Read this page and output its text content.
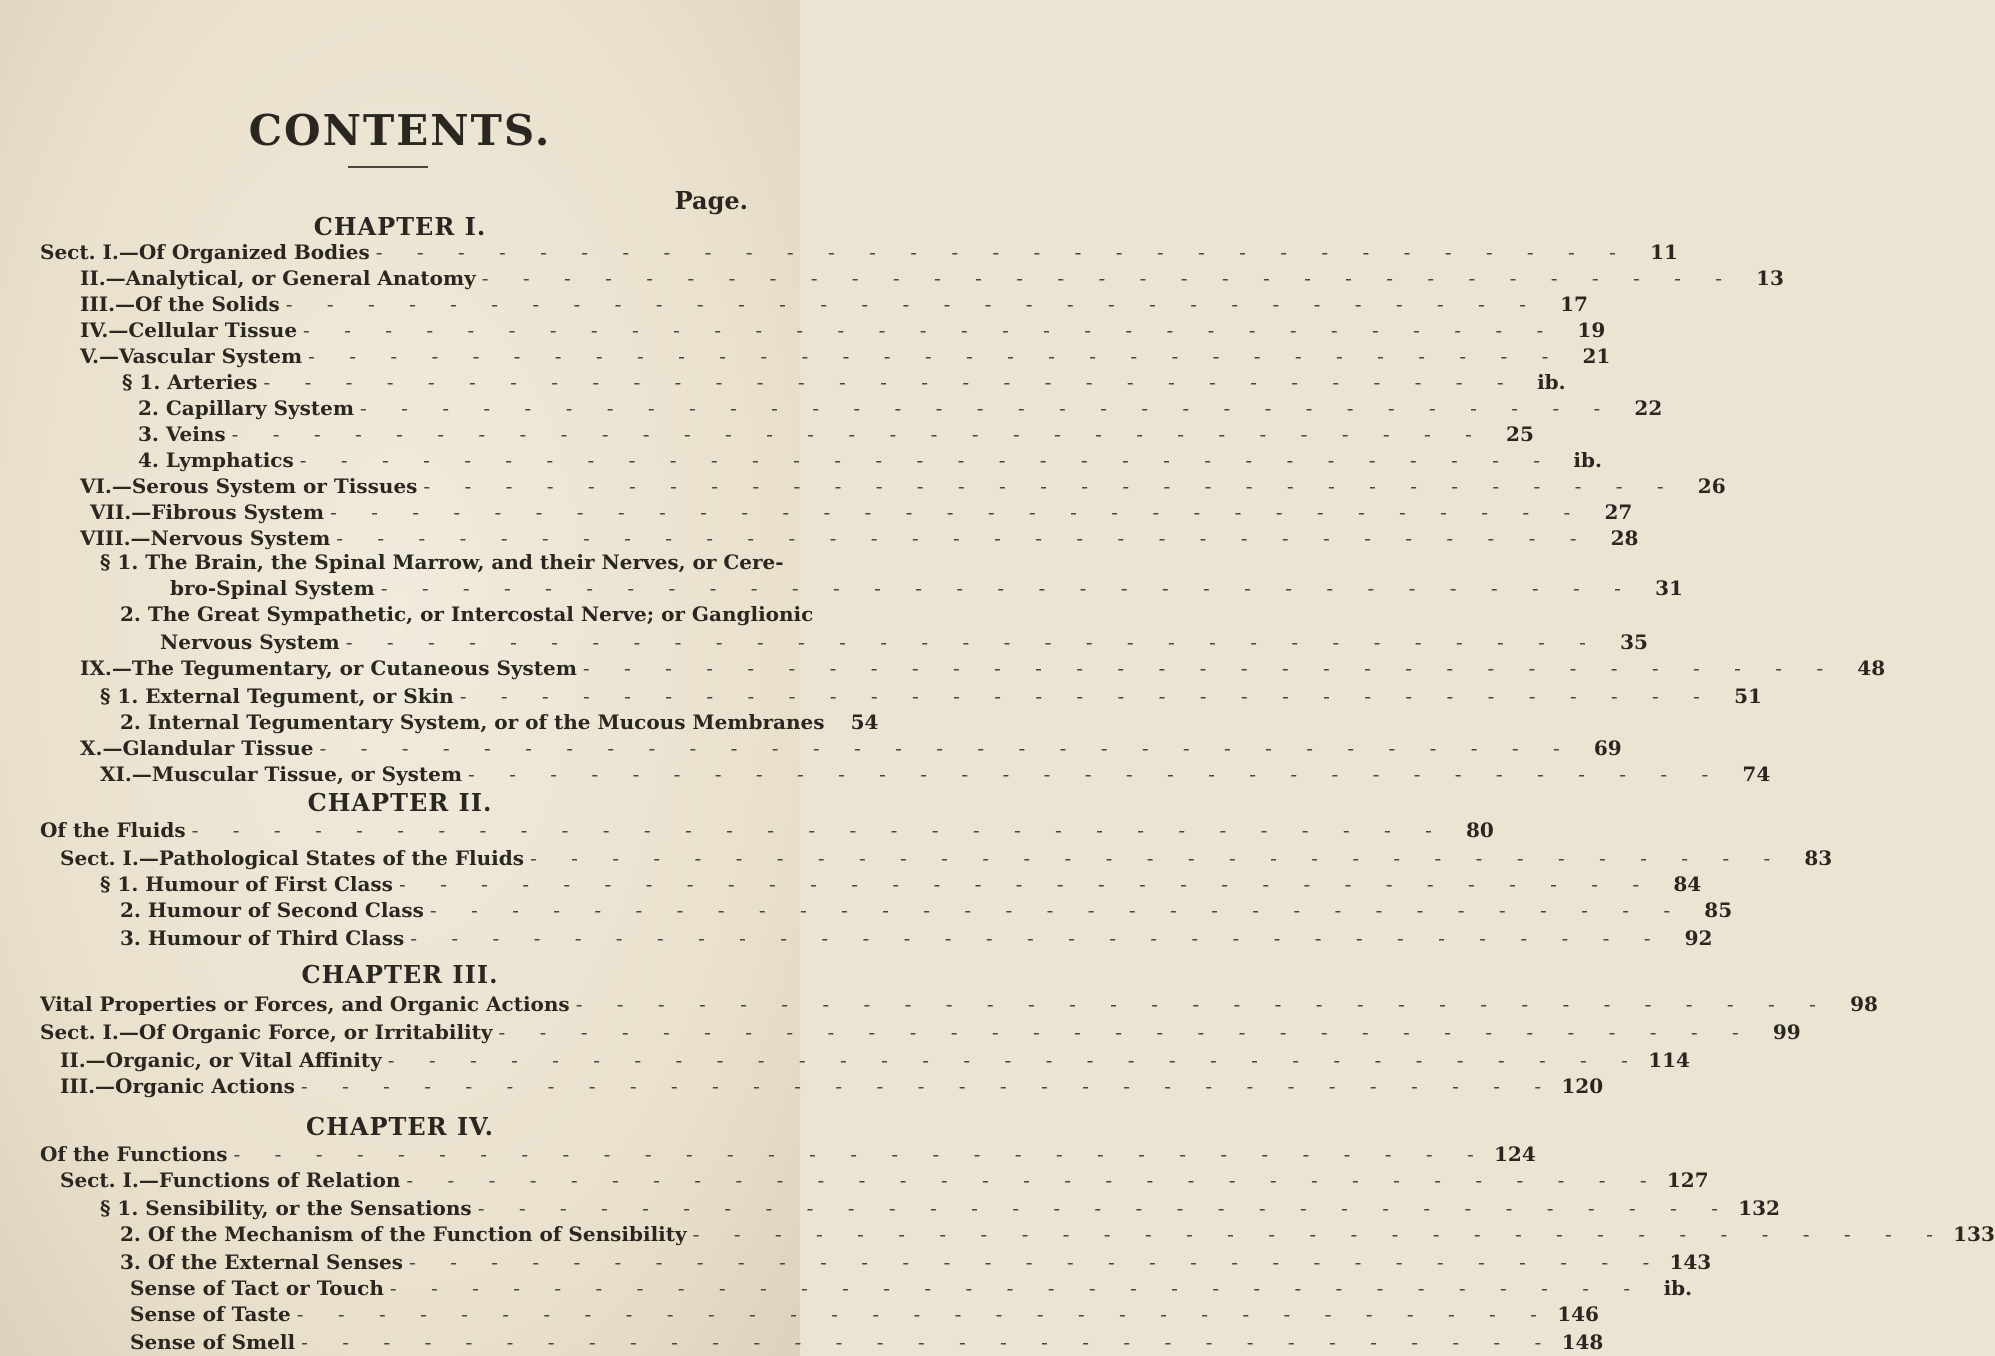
CONTENTS.
Page.
CHAPTER I.
Sect. I.—Of Organized Bodies - - - - - - - - - - - - - - - - - - - - - - - - - - - - - - -	11
II.—Analytical, or General Anatomy - - - - - - - - - - - - - - - - - - - - - - - - - - - - - - -	13
III.—Of the Solids - - - - - - - - - - - - - - - - - - - - - - - - - - - - - - -	17
IV.—Cellular Tissue - - - - - - - - - - - - - - - - - - - - - - - - - - - - - - -	19
V.—Vascular System - - - - - - - - - - - - - - - - - - - - - - - - - - - - - - -	21
§ 1. Arteries - - - - - - - - - - - - - - - - - - - - - - - - - - - - - - - ib.
2. Capillary System - - - - - - - - - - - - - - - - - - - - - - - - - - - - - - -	22
3. Veins - - - - - - - - - - - - - - - - - - - - - - - - - - - - - - -	25
4. Lymphatics - - - - - - - - - - - - - - - - - - - - - - - - - - - - - - - ib.
VI.—Serous System or Tissues - - - - - - - - - - - - - - - - - - - - - - - - - - - - - - -	26
VII.—Fibrous System - - - - - - - - - - - - - - - - - - - - - - - - - - - - - - -	27
VIII.—Nervous System - - - - - - - - - - - - - - - - - - - - - - - - - - - - - - -	28
§ 1. The Brain, the Spinal Marrow, and their Nerves, or Cere-
bro-Spinal System - - - - - - - - - - - - - - - - - - - - - - - - - - - - - - -	31
2. The Great Sympathetic, or Intercostal Nerve; or Ganglionic
Nervous System - - - - - - - - - - - - - - - - - - - - - - - - - - - - - - -	35
IX.—The Tegumentary, or Cutaneous System - - - - - - - - - - - - - - - - - - - - - - - - - - - - - - -	48
§ 1. External Tegument, or Skin - - - - - - - - - - - - - - - - - - - - - - - - - - - - - - -	51
2. Internal Tegumentary System, or of the Mucous Membranes	54
X.—Glandular Tissue - - - - - - - - - - - - - - - - - - - - - - - - - - - - - - -	69
XI.—Muscular Tissue, or System - - - - - - - - - - - - - - - - - - - - - - - - - - - - - - -	74
CHAPTER II.
Of the Fluids - - - - - - - - - - - - - - - - - - - - - - - - - - - - - - -	80
Sect. I.—Pathological States of the Fluids - - - - - - - - - - - - - - - - - - - - - - - - - - - - - - -	83
§ 1. Humour of First Class - - - - - - - - - - - - - - - - - - - - - - - - - - - - - - -	84
2. Humour of Second Class - - - - - - - - - - - - - - - - - - - - - - - - - - - - - - -	85
3. Humour of Third Class - - - - - - - - - - - - - - - - - - - - - - - - - - - - - - -	92
CHAPTER III.
Vital Properties or Forces, and Organic Actions - - - - - - - - - - - - - - - - - - - - - - - - - - - - - - -	98
Sect. I.—Of Organic Force, or Irritability - - - - - - - - - - - - - - - - - - - - - - - - - - - - - - -	99
II.—Organic, or Vital Affinity - - - - - - - - - - - - - - - - - - - - - - - - - - - - - - - 114
III.—Organic Actions - - - - - - - - - - - - - - - - - - - - - - - - - - - - - - - 120
CHAPTER IV.
Of the Functions - - - - - - - - - - - - - - - - - - - - - - - - - - - - - - - 124
Sect. I.—Functions of Relation - - - - - - - - - - - - - - - - - - - - - - - - - - - - - - - 127
§ 1. Sensibility, or the Sensations - - - - - - - - - - - - - - - - - - - - - - - - - - - - - - - 132
2. Of the Mechanism of the Function of Sensibility - - - - - - - - - - - - - - - - - - - - - - - - - - - - - - - 133
3. Of the External Senses - - - - - - - - - - - - - - - - - - - - - - - - - - - - - - - 143
Sense of Tact or Touch - - - - - - - - - - - - - - - - - - - - - - - - - - - - - - - ib.
Sense of Taste - - - - - - - - - - - - - - - - - - - - - - - - - - - - - - - 146
Sense of Smell - - - - - - - - - - - - - - - - - - - - - - - - - - - - - - - 148
